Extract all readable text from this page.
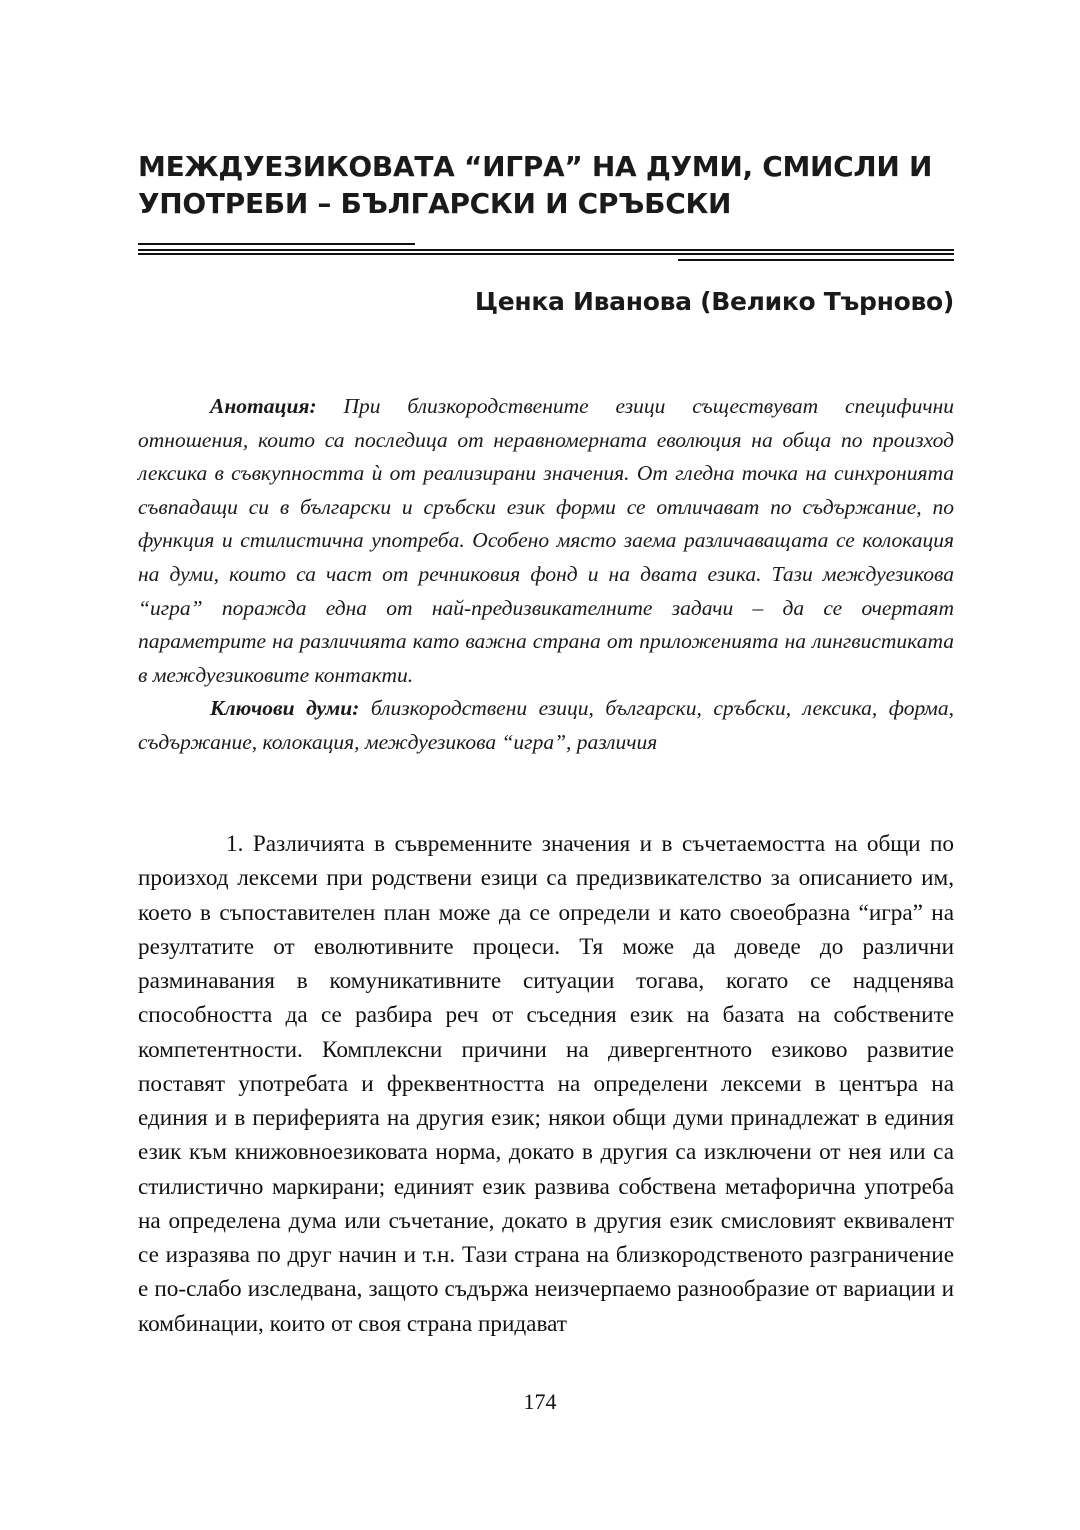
МЕЖДУЕЗИКОВАТА “ИГРА” НА ДУМИ, СМИСЛИ И
УПОТРЕБИ – БЪЛГАРСКИ И СРЪБСКИ

Ценка Иванова (Велико Търново)

Анотация: При близкородствените езици съществуват специфични отношения, които са последица от неравномерната еволюция на обща по произход лексика в съвкупността ѝ от реализирани значения. От гледна точка на синхронията съвпадащи си в български и сръбски език форми се отличават по съдържание, по функция и стилистична употреба. Особено място заема различаващата се колокация на думи, които са част от речниковия фонд и на двата езика. Тази междуезикова “игра” поражда една от най-предизвикателните задачи – да се очертаят параметрите на различията като важна страна от приложенията на лингвистиката в междуезиковите контакти.

Ключови думи: близкородствени езици, български, сръбски, лексика, форма, съдържание, колокация, междуезикова “игра”, различия

1. Различията в съвременните значения и в съчетаемостта на общи по произход лексеми при родствени езици са предизвикателство за описанието им, което в съпоставителен план може да се определи и като своеобразна “игра” на резултатите от еволютивните процеси. Тя може да доведе до различни разминавания в комуникативните ситуации тогава, когато се надценява способността да се разбира реч от съседния език на базата на собствените компетентности. Комплексни причини на дивергентното езиково развитие поставят употребата и фреквентността на определени лексеми в центъра на единия и в периферията на другия език; някои общи думи принадлежат в единия език към книжовноезиковата норма, докато в другия са изключени от нея или са стилистично маркирани; единият език развива собствена метафорична употреба на определена дума или съчетание, докато в другия език смисловият еквивалент се изразява по друг начин и т.н. Тази страна на близкородственото разграничение е по-слабо изследвана, защото съдържа неизчерпаемо разнообразие от вариации и комбинации, които от своя страна придават

174
